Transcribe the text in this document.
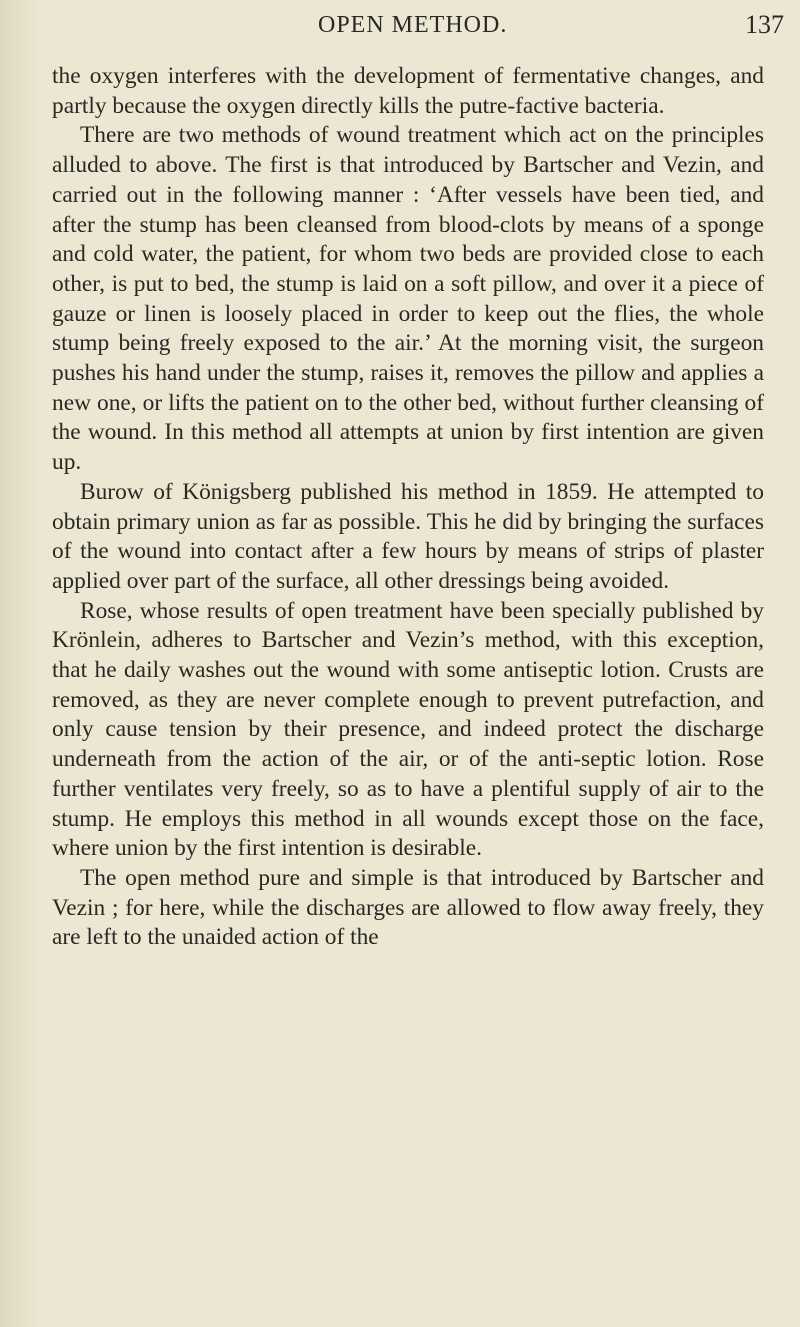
OPEN METHOD.	137

the oxygen interferes with the development of fermentative changes, and partly because the oxygen directly kills the putre-factive bacteria.

There are two methods of wound treatment which act on the principles alluded to above. The first is that introduced by Bartscher and Vezin, and carried out in the following manner : ‘After vessels have been tied, and after the stump has been cleansed from blood-clots by means of a sponge and cold water, the patient, for whom two beds are provided close to each other, is put to bed, the stump is laid on a soft pillow, and over it a piece of gauze or linen is loosely placed in order to keep out the flies, the whole stump being freely exposed to the air.’ At the morning visit, the surgeon pushes his hand under the stump, raises it, removes the pillow and applies a new one, or lifts the patient on to the other bed, without further cleansing of the wound. In this method all attempts at union by first intention are given up.

Burow of Königsberg published his method in 1859. He attempted to obtain primary union as far as possible. This he did by bringing the surfaces of the wound into contact after a few hours by means of strips of plaster applied over part of the surface, all other dressings being avoided.

Rose, whose results of open treatment have been specially published by Krönlein, adheres to Bartscher and Vezin’s method, with this exception, that he daily washes out the wound with some antiseptic lotion. Crusts are removed, as they are never complete enough to prevent putrefaction, and only cause tension by their presence, and indeed protect the discharge underneath from the action of the air, or of the anti-septic lotion. Rose further ventilates very freely, so as to have a plentiful supply of air to the stump. He employs this method in all wounds except those on the face, where union by the first intention is desirable.

The open method pure and simple is that introduced by Bartscher and Vezin ; for here, while the discharges are allowed to flow away freely, they are left to the unaided action of the
